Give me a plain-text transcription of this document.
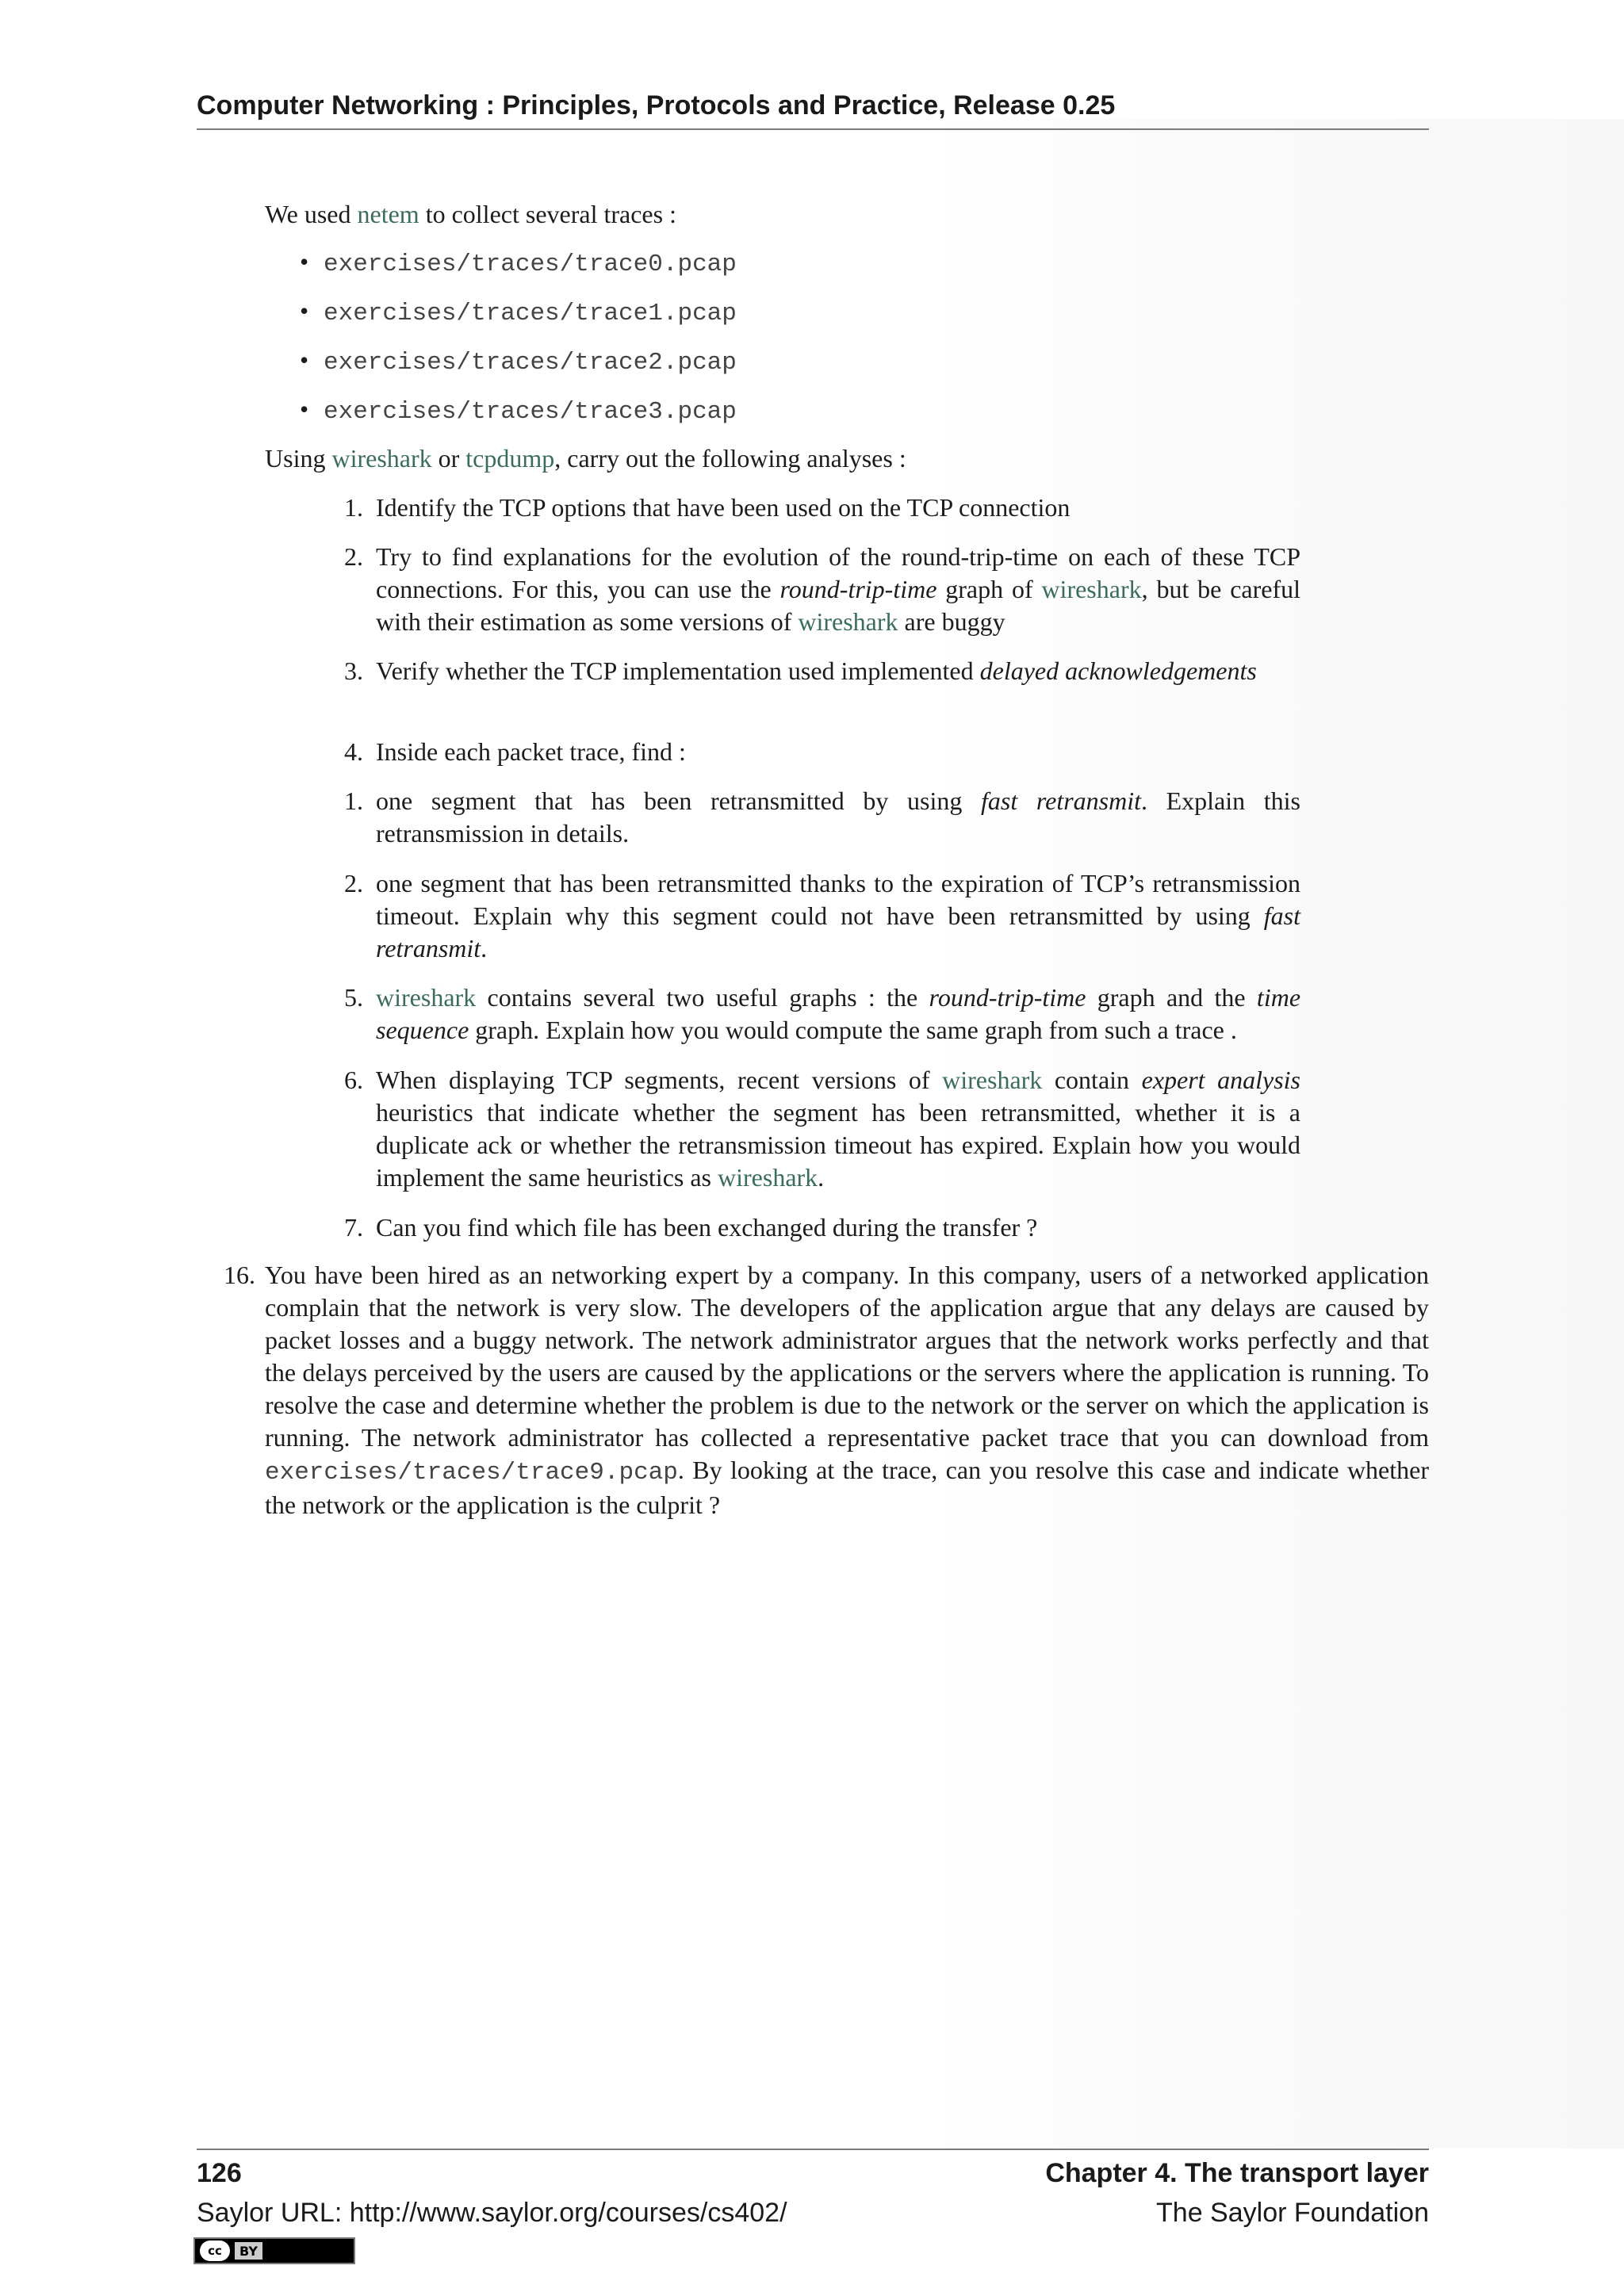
Computer Networking : Principles, Protocols and Practice, Release 0.25
We used netem to collect several traces :
• exercises/traces/trace0.pcap
• exercises/traces/trace1.pcap
• exercises/traces/trace2.pcap
• exercises/traces/trace3.pcap
Using wireshark or tcpdump, carry out the following analyses :
1. Identify the TCP options that have been used on the TCP connection
2. Try to find explanations for the evolution of the round-trip-time on each of these TCP connections. For this, you can use the round-trip-time graph of wireshark, but be careful with their estimation as some versions of wireshark are buggy
3. Verify whether the TCP implementation used implemented delayed acknowledgements
4. Inside each packet trace, find :
1. one segment that has been retransmitted by using fast retransmit. Explain this retransmission in details.
2. one segment that has been retransmitted thanks to the expiration of TCP’s retransmission timeout. Explain why this segment could not have been retransmitted by using fast retransmit.
5. wireshark contains several two useful graphs : the round-trip-time graph and the time sequence graph. Explain how you would compute the same graph from such a trace .
6. When displaying TCP segments, recent versions of wireshark contain expert analysis heuristics that indicate whether the segment has been retransmitted, whether it is a duplicate ack or whether the retransmission timeout has expired. Explain how you would implement the same heuristics as wireshark.
7. Can you find which file has been exchanged during the transfer ?
16. You have been hired as an networking expert by a company. In this company, users of a networked application complain that the network is very slow. The developers of the application argue that any delays are caused by packet losses and a buggy network. The network administrator argues that the network works perfectly and that the delays perceived by the users are caused by the applications or the servers where the application is running. To resolve the case and determine whether the problem is due to the network or the server on which the application is running. The network administrator has collected a representative packet trace that you can download from exercises/traces/trace9.pcap. By looking at the trace, can you resolve this case and indicate whether the network or the application is the culprit ?
126	Chapter 4. The transport layer
Saylor URL: http://www.saylor.org/courses/cs402/	The Saylor Foundation
cc	BY
